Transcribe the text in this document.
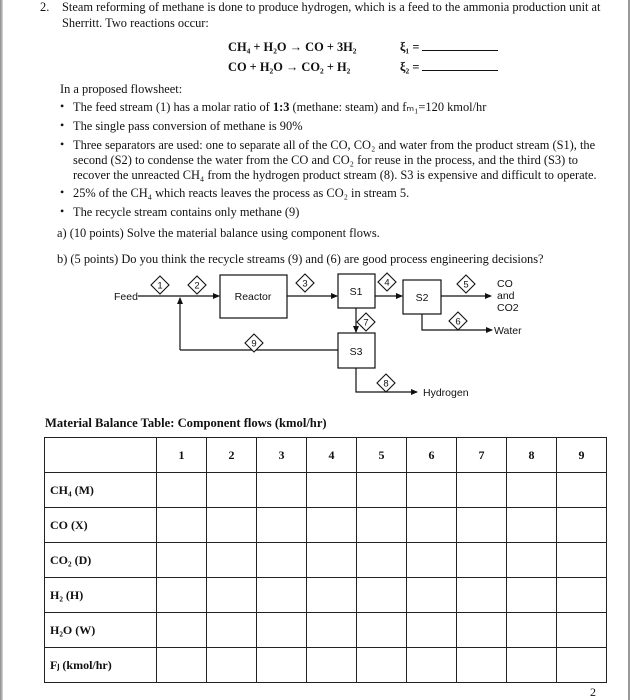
2. Steam reforming of methane is done to produce hydrogen, which is a feed to the ammonia production unit at
Sherritt. Two reactions occur:
CH₄ + H₂O → CO + 3H₂	ξ₁ =
CO + H₂O → CO₂ + H₂	ξ₂ =
In a proposed flowsheet:
• The feed stream (1) has a molar ratio of 1:3 (methane: steam) and fₘ₁=120 kmol/hr
• The single pass conversion of methane is 90%
• Three separators are used: one to separate all of the CO, CO₂ and water from the product stream (S1), the
second (S2) to condense the water from the CO and CO₂ for reuse in the process, and the third (S3) to
recover the unreacted CH₄ from the hydrogen product stream (8). S3 is expensive and difficult to operate.
• 25% of the CH₄ which reacts leaves the process as CO₂ in stream 5.
• The recycle stream contains only methane (9)
a) (10 points) Solve the material balance using component flows.
b) (5 points) Do you think the recycle streams (9) and (6) are good process engineering decisions?
Feed	Reactor	S1	S2
S3
CO
and
CO2
Water
Hydrogen
1	2	3	4	5
6
7
8
9
Material Balance Table: Component flows (kmol/hr)
	1	2	3	4	5	6	7	8	9
CH₄ (M)									
CO (X)									
CO₂ (D)									
H₂ (H)									
H₂O (W)									
Fⱼ (kmol/hr)									
2
